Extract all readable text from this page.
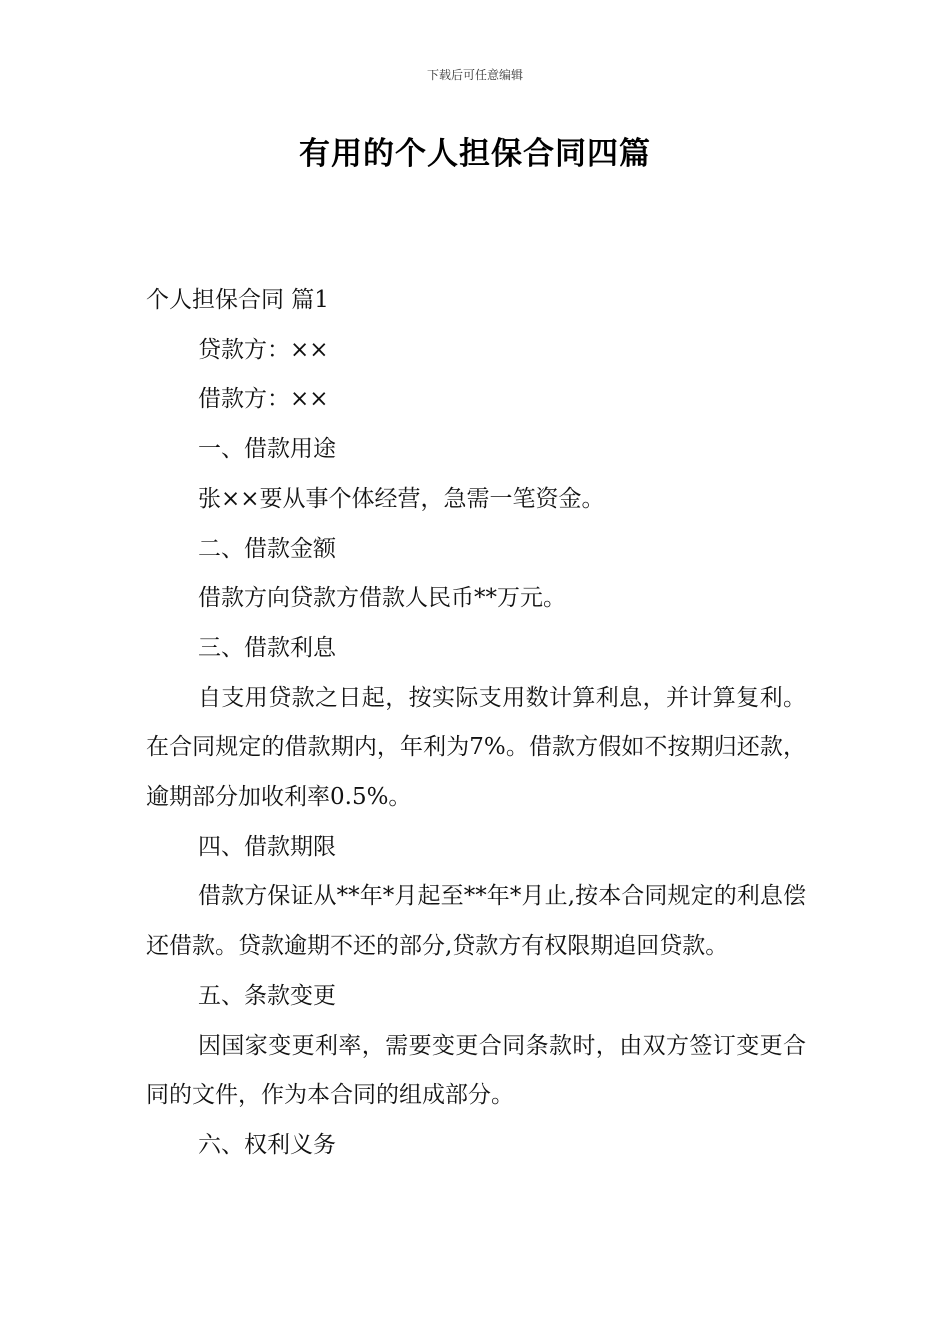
下载后可任意编辑
有用的个人担保合同四篇

个人担保合同 篇1

贷款方：××

借款方：××

一、借款用途

张××要从事个体经营，急需一笔资金。

二、借款金额

借款方向贷款方借款人民币**万元。

三、借款利息

自支用贷款之日起，按实际支用数计算利息，并计算复利。在合同规定的借款期内，年利为7%。借款方假如不按期归还款，逾期部分加收利率0.5%。

四、借款期限

借款方保证从**年*月起至**年*月止,按本合同规定的利息偿还借款。贷款逾期不还的部分,贷款方有权限期追回贷款。

五、条款变更

因国家变更利率，需要变更合同条款时，由双方签订变更合同的文件，作为本合同的组成部分。

六、权利义务
